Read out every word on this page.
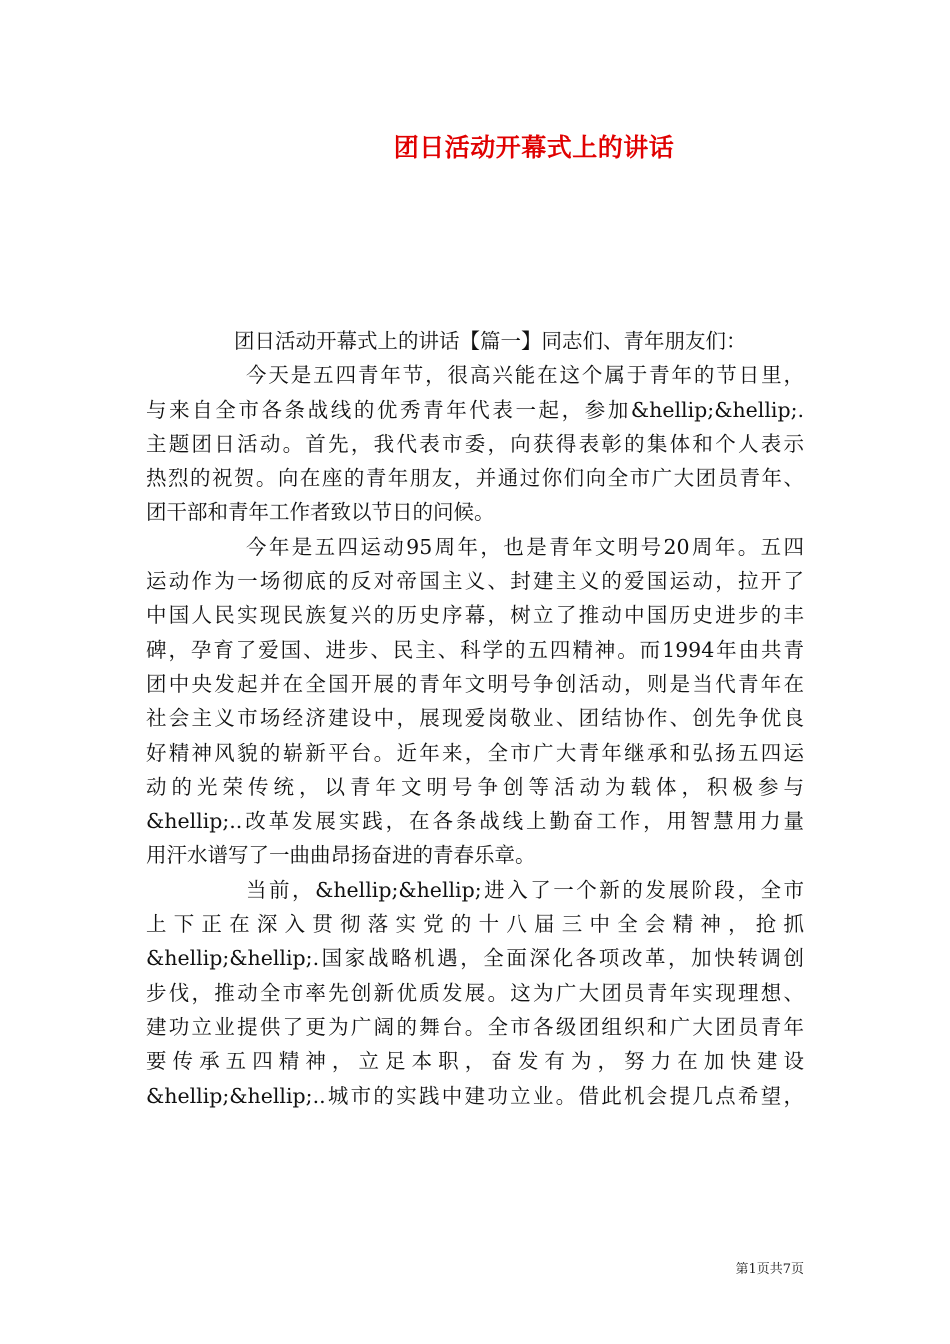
团日活动开幕式上的讲话
团日活动开幕式上的讲话【篇一】同志们、青年朋友们：
今天是五四青年节，很高兴能在这个属于青年的节日里，
与来自全市各条战线的优秀青年代表一起，参加&hellip;&hellip;.
主题团日活动。首先，我代表市委，向获得表彰的集体和个人表示
热烈的祝贺。向在座的青年朋友，并通过你们向全市广大团员青年、
团干部和青年工作者致以节日的问候。
今年是五四运动95周年，也是青年文明号20周年。五四
运动作为一场彻底的反对帝国主义、封建主义的爱国运动，拉开了
中国人民实现民族复兴的历史序幕，树立了推动中国历史进步的丰
碑，孕育了爱国、进步、民主、科学的五四精神。而1994年由共青
团中央发起并在全国开展的青年文明号争创活动，则是当代青年在
社会主义市场经济建设中，展现爱岗敬业、团结协作、创先争优良
好精神风貌的崭新平台。近年来，全市广大青年继承和弘扬五四运
动的光荣传统，以青年文明号争创等活动为载体，积极参与
&hellip;..改革发展实践，在各条战线上勤奋工作，用智慧用力量
用汗水谱写了一曲曲昂扬奋进的青春乐章。
当前，&hellip;&hellip;进入了一个新的发展阶段，全市
上下正在深入贯彻落实党的十八届三中全会精神，抢抓
&hellip;&hellip;.国家战略机遇，全面深化各项改革，加快转调创
步伐，推动全市率先创新优质发展。这为广大团员青年实现理想、
建功立业提供了更为广阔的舞台。全市各级团组织和广大团员青年
要传承五四精神，立足本职，奋发有为，努力在加快建设
&hellip;&hellip;..城市的实践中建功立业。借此机会提几点希望，
第1页共7页
